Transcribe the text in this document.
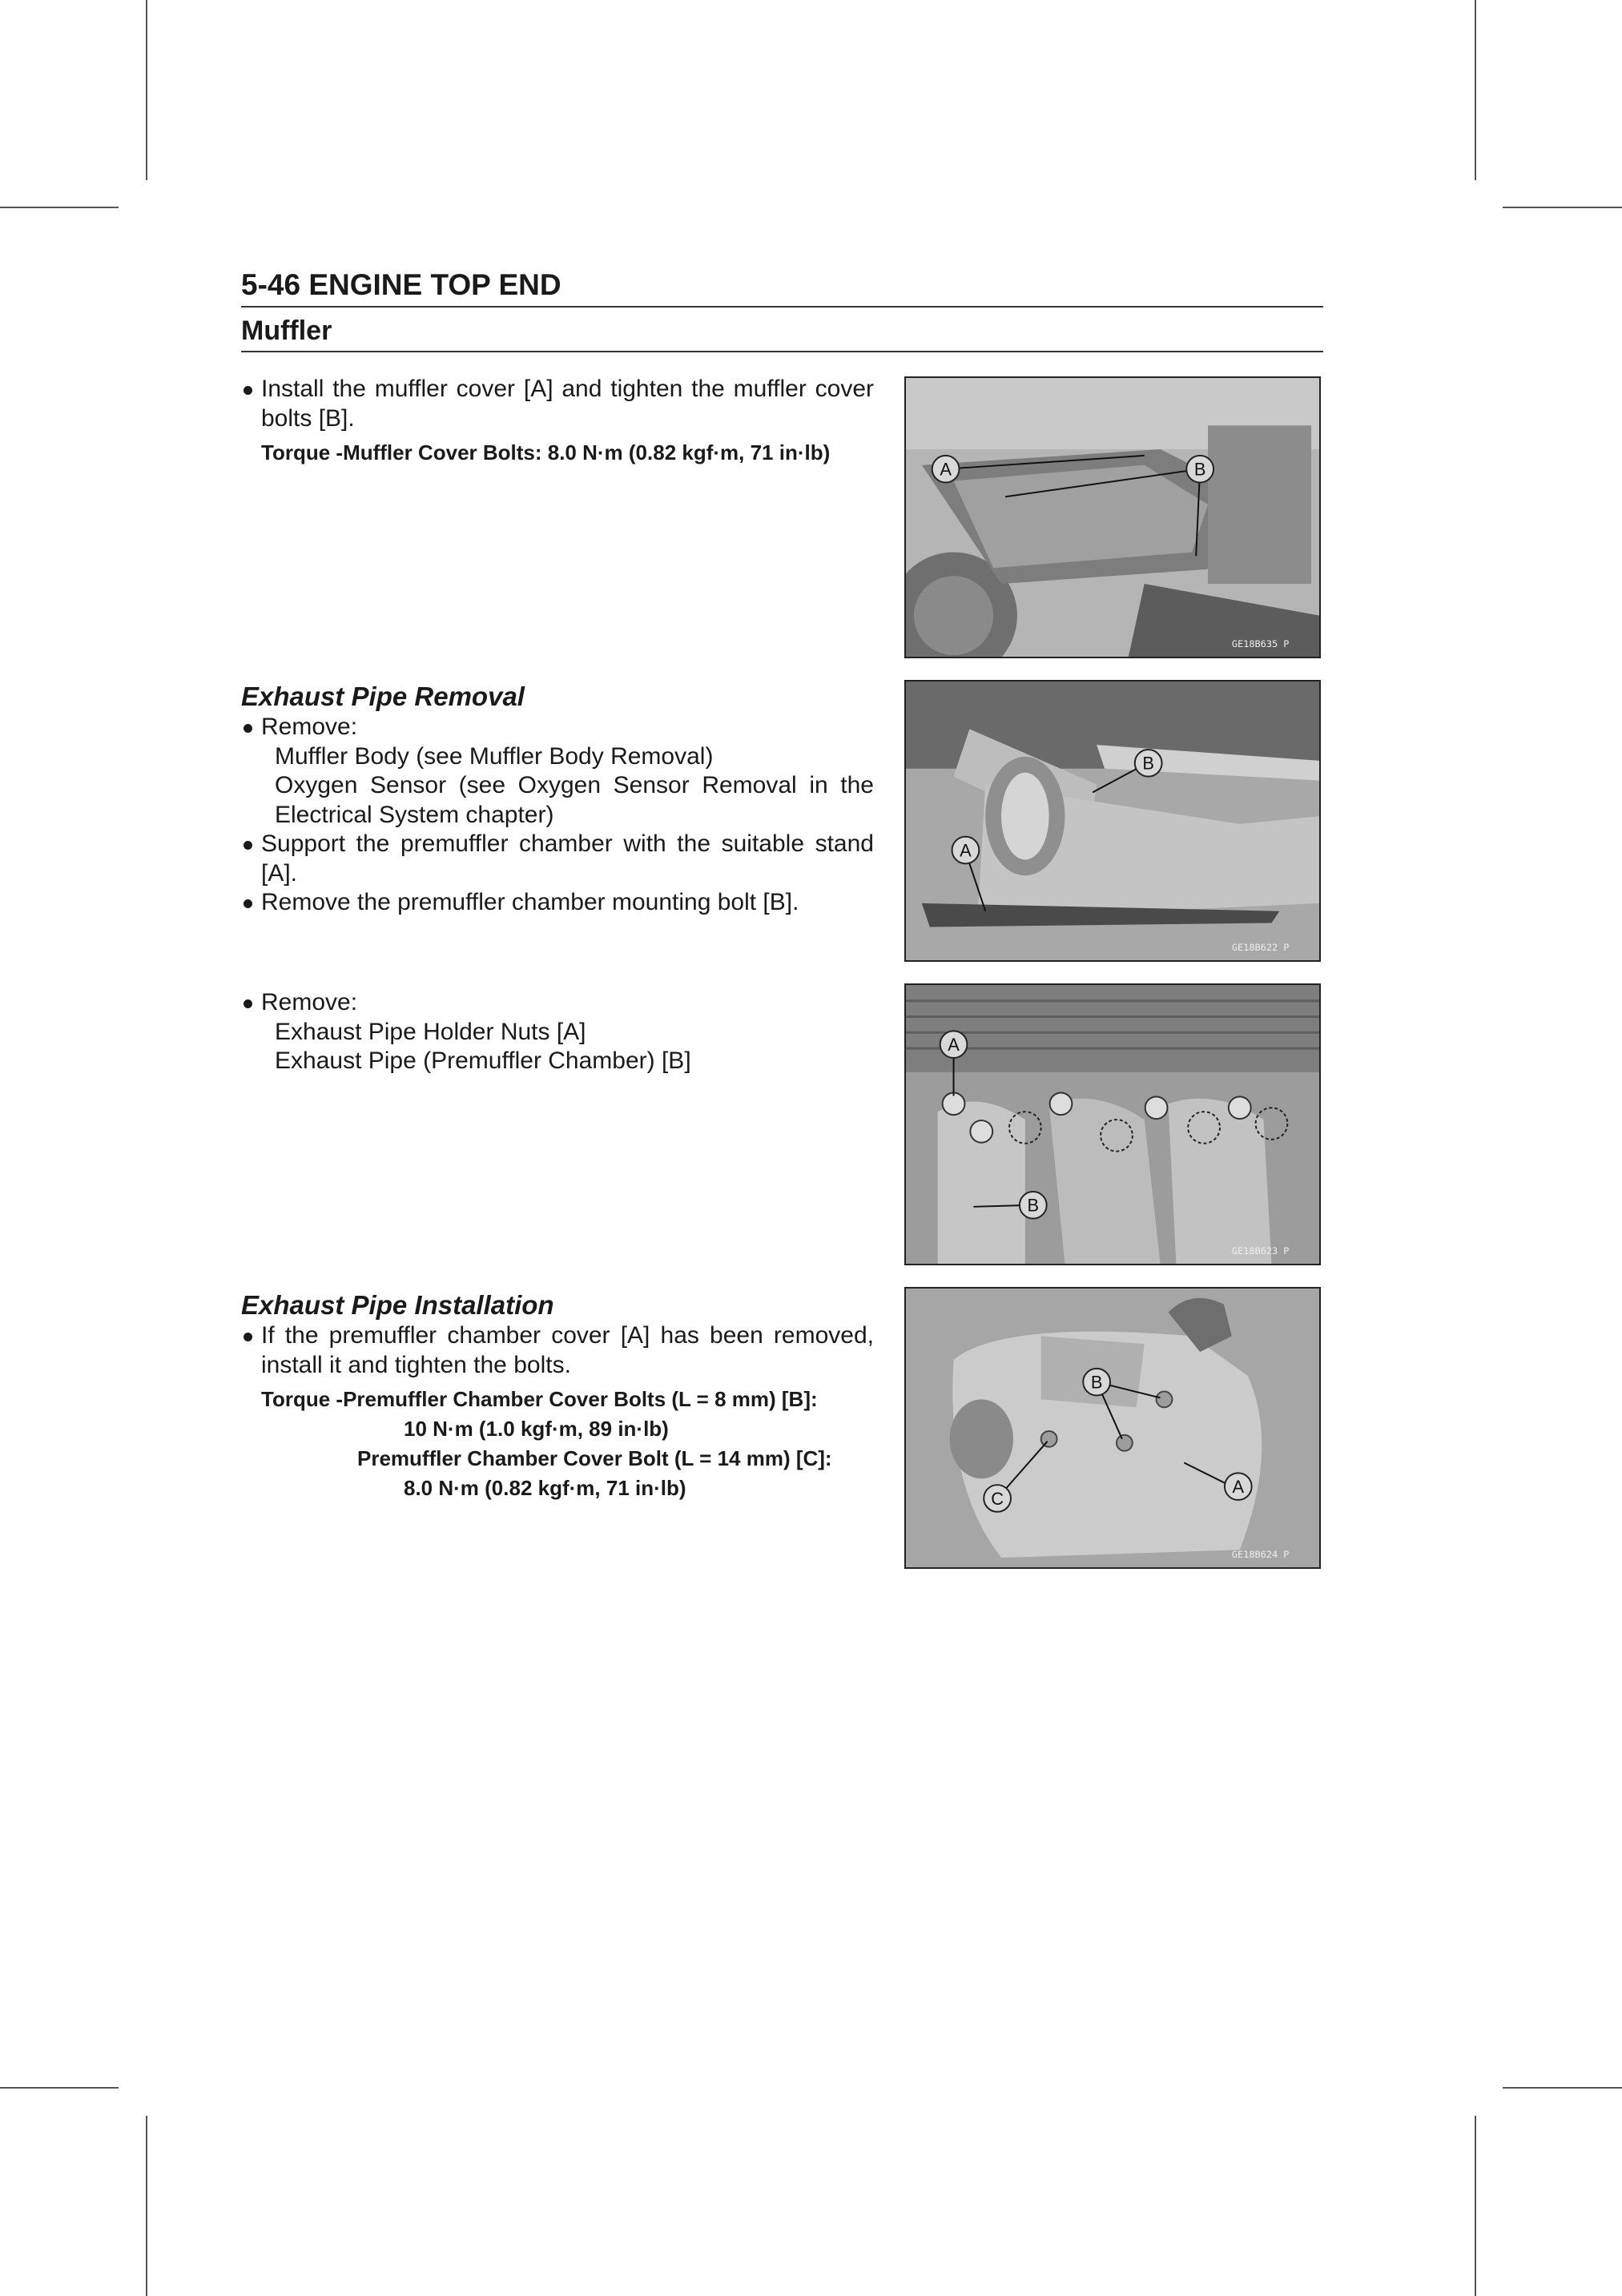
5-46 ENGINE TOP END
Muffler
Install the muffler cover [A] and tighten the muffler cover bolts [B].
Torque -Muffler Cover Bolts: 8.0 N·m (0.82 kgf·m, 71 in·lb)
A	B
GE18B635 P
Exhaust Pipe Removal
Remove:
Muffler Body (see Muffler Body Removal)
Oxygen Sensor (see Oxygen Sensor Removal in the Electrical System chapter)
Support the premuffler chamber with the suitable stand [A].
Remove the premuffler chamber mounting bolt [B].
B
A
GE18B622 P
Remove:
Exhaust Pipe Holder Nuts [A]
Exhaust Pipe (Premuffler Chamber) [B]
A
B
GE18B623 P
Exhaust Pipe Installation
If the premuffler chamber cover [A] has been removed, install it and tighten the bolts.
Torque -Premuffler Chamber Cover Bolts (L = 8 mm) [B]:
10 N·m (1.0 kgf·m, 89 in·lb)
Premuffler Chamber Cover Bolt (L = 14 mm) [C]:
8.0 N·m (0.82 kgf·m, 71 in·lb)
B
C
A
GE18B624 P
